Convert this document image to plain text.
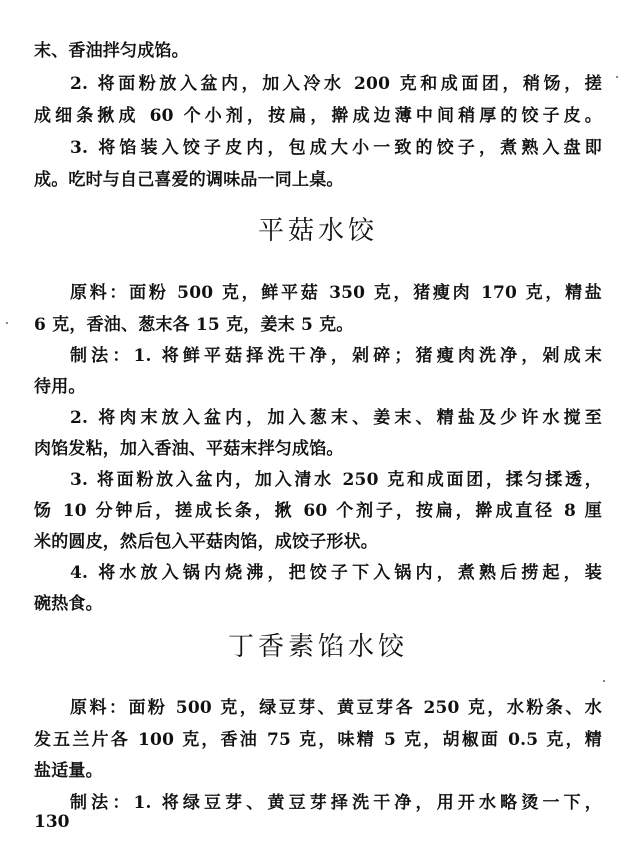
末、香油拌匀成馅。
2. 将面粉放入盆内，加入冷水 200 克和成面团，稍饧，搓
成细条揪成 60 个小剂，按扁，擀成边薄中间稍厚的饺子皮。
3. 将馅装入饺子皮内，包成大小一致的饺子，煮熟入盘即
成。吃时与自己喜爱的调味品一同上桌。
平菇水饺
原料：面粉 500 克，鲜平菇 350 克，猪瘦肉 170 克，精盐
6 克，香油、葱末各 15 克，姜末 5 克。
制法：1. 将鲜平菇择洗干净，剁碎；猪瘦肉洗净，剁成末
待用。
2. 将肉末放入盆内，加入葱末、姜末、精盐及少许水搅至
肉馅发粘，加入香油、平菇末拌匀成馅。
3. 将面粉放入盆内，加入清水 250 克和成面团，揉匀揉透，
饧 10 分钟后，搓成长条，揪 60 个剂子，按扁，擀成直径 8 厘
米的圆皮，然后包入平菇肉馅，成饺子形状。
4. 将水放入锅内烧沸，把饺子下入锅内，煮熟后捞起，装
碗热食。
丁香素馅水饺
原料：面粉 500 克，绿豆芽、黄豆芽各 250 克，水粉条、水
发五兰片各 100 克，香油 75 克，味精 5 克，胡椒面 0.5 克，精
盐适量。
制法：1. 将绿豆芽、黄豆芽择洗干净，用开水略烫一下，
130
